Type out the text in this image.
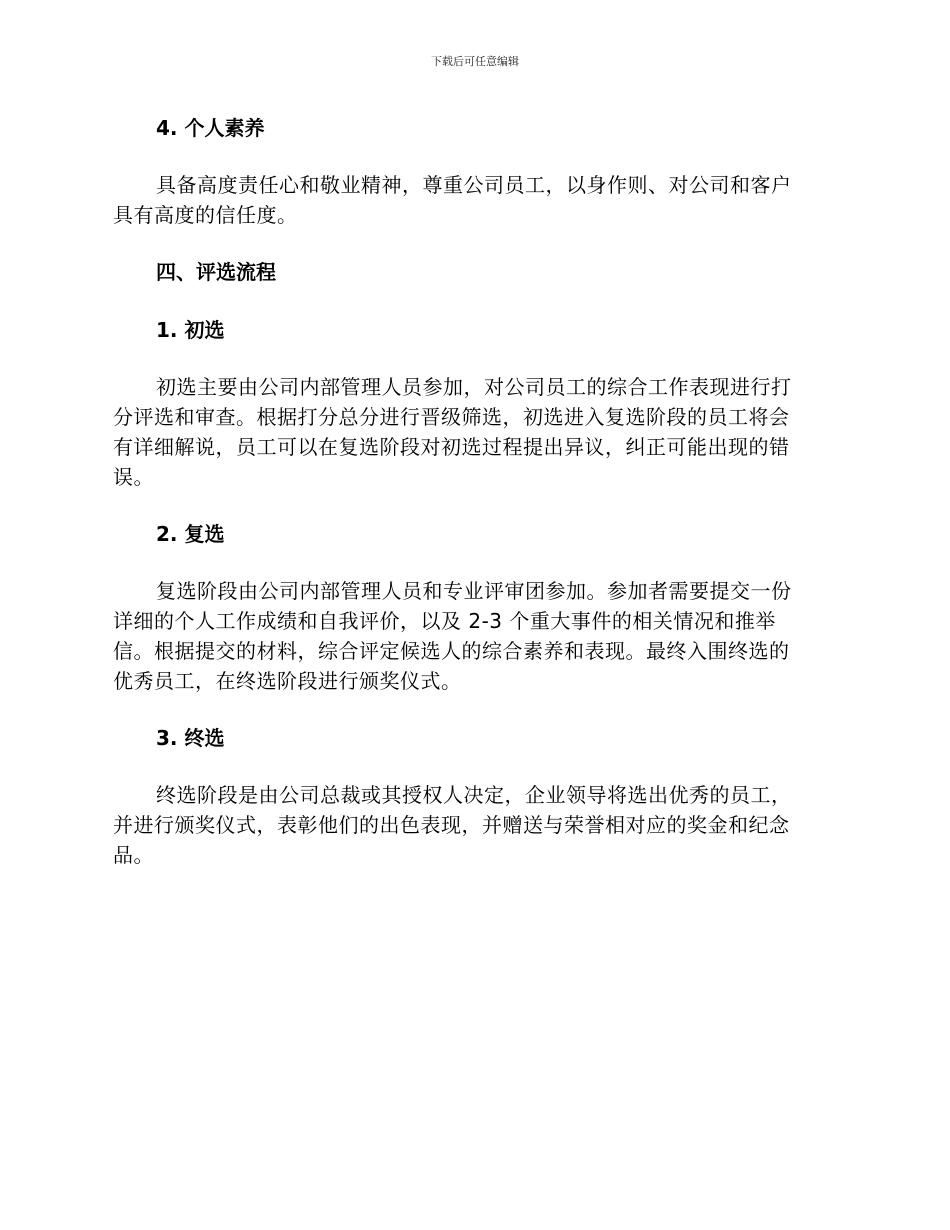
下载后可任意编辑
4. 个人素养

具备高度责任心和敬业精神，尊重公司员工，以身作则、对公司和客户
具有高度的信任度。

四、评选流程
1. 初选

初选主要由公司内部管理人员参加，对公司员工的综合工作表现进行打
分评选和审查。根据打分总分进行晋级筛选，初选进入复选阶段的员工将会
有详细解说，员工可以在复选阶段对初选过程提出异议，纠正可能出现的错
误。

2. 复选

复选阶段由公司内部管理人员和专业评审团参加。参加者需要提交一份
详细的个人工作成绩和自我评价，以及 2-3 个重大事件的相关情况和推举
信。根据提交的材料，综合评定候选人的综合素养和表现。最终入围终选的
优秀员工，在终选阶段进行颁奖仪式。

3. 终选

终选阶段是由公司总裁或其授权人决定，企业领导将选出优秀的员工，
并进行颁奖仪式，表彰他们的出色表现，并赠送与荣誉相对应的奖金和纪念
品。
